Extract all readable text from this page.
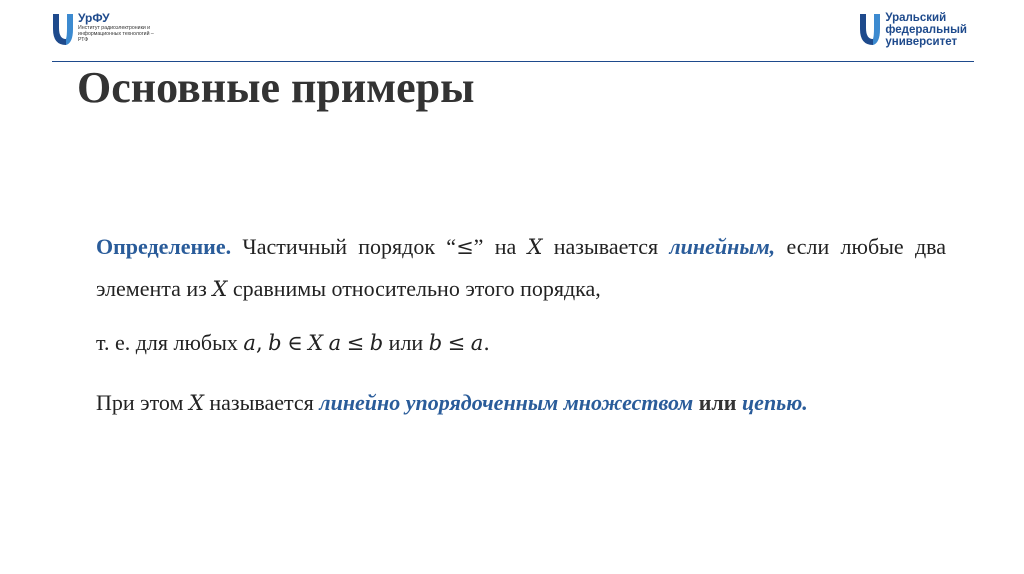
УрФУ
Институт радиоэлектроники и информационных технологий – РТФ
Уральский
федеральный
университет
Основные примеры

Определение. Частичный порядок “≤” на X называется линейным, если любые два элемента из X сравнимы относительно этого порядка,

т. е. для любых a, b ∈ X a ≤ b или b ≤ a.

При этом X называется линейно упорядоченным множеством или цепью.
